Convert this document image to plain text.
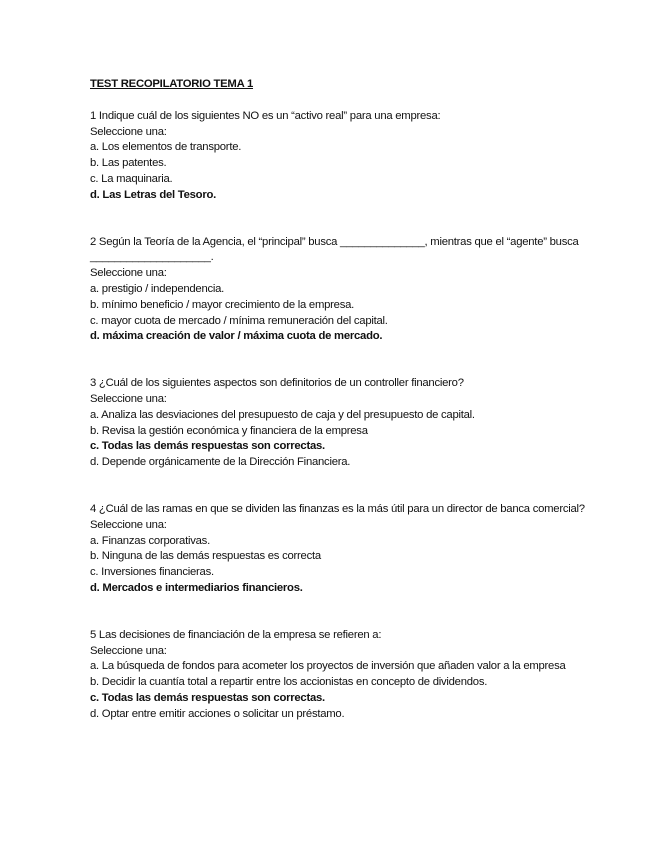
TEST RECOPILATORIO TEMA 1

1 Indique cuál de los siguientes NO es un “activo real” para una empresa:

Seleccione una:

a. Los elementos de transporte.

b. Las patentes.

c. La maquinaria.

d. Las Letras del Tesoro.

2 Según la Teoría de la Agencia, el “principal” busca ______________, mientras que el “agente” busca ____________________.

Seleccione una:

a. prestigio / independencia.

b. mínimo beneficio / mayor crecimiento de la empresa.

c. mayor cuota de mercado / mínima remuneración del capital.

d. máxima creación de valor / máxima cuota de mercado.

3 ¿Cuál de los siguientes aspectos son definitorios de un controller financiero?

Seleccione una:

a. Analiza las desviaciones del presupuesto de caja y del presupuesto de capital.

b. Revisa la gestión económica y financiera de la empresa

c. Todas las demás respuestas son correctas.

d. Depende orgánicamente de la Dirección Financiera.

4 ¿Cuál de las ramas en que se dividen las finanzas es la más útil para un director de banca comercial?

Seleccione una:

a. Finanzas corporativas.

b. Ninguna de las demás respuestas es correcta

c. Inversiones financieras.

d. Mercados e intermediarios financieros.

5 Las decisiones de financiación de la empresa se refieren a:

Seleccione una:

a. La búsqueda de fondos para acometer los proyectos de inversión que añaden valor a la empresa

b. Decidir la cuantía total a repartir entre los accionistas en concepto de dividendos.

c. Todas las demás respuestas son correctas.

d. Optar entre emitir acciones o solicitar un préstamo.
